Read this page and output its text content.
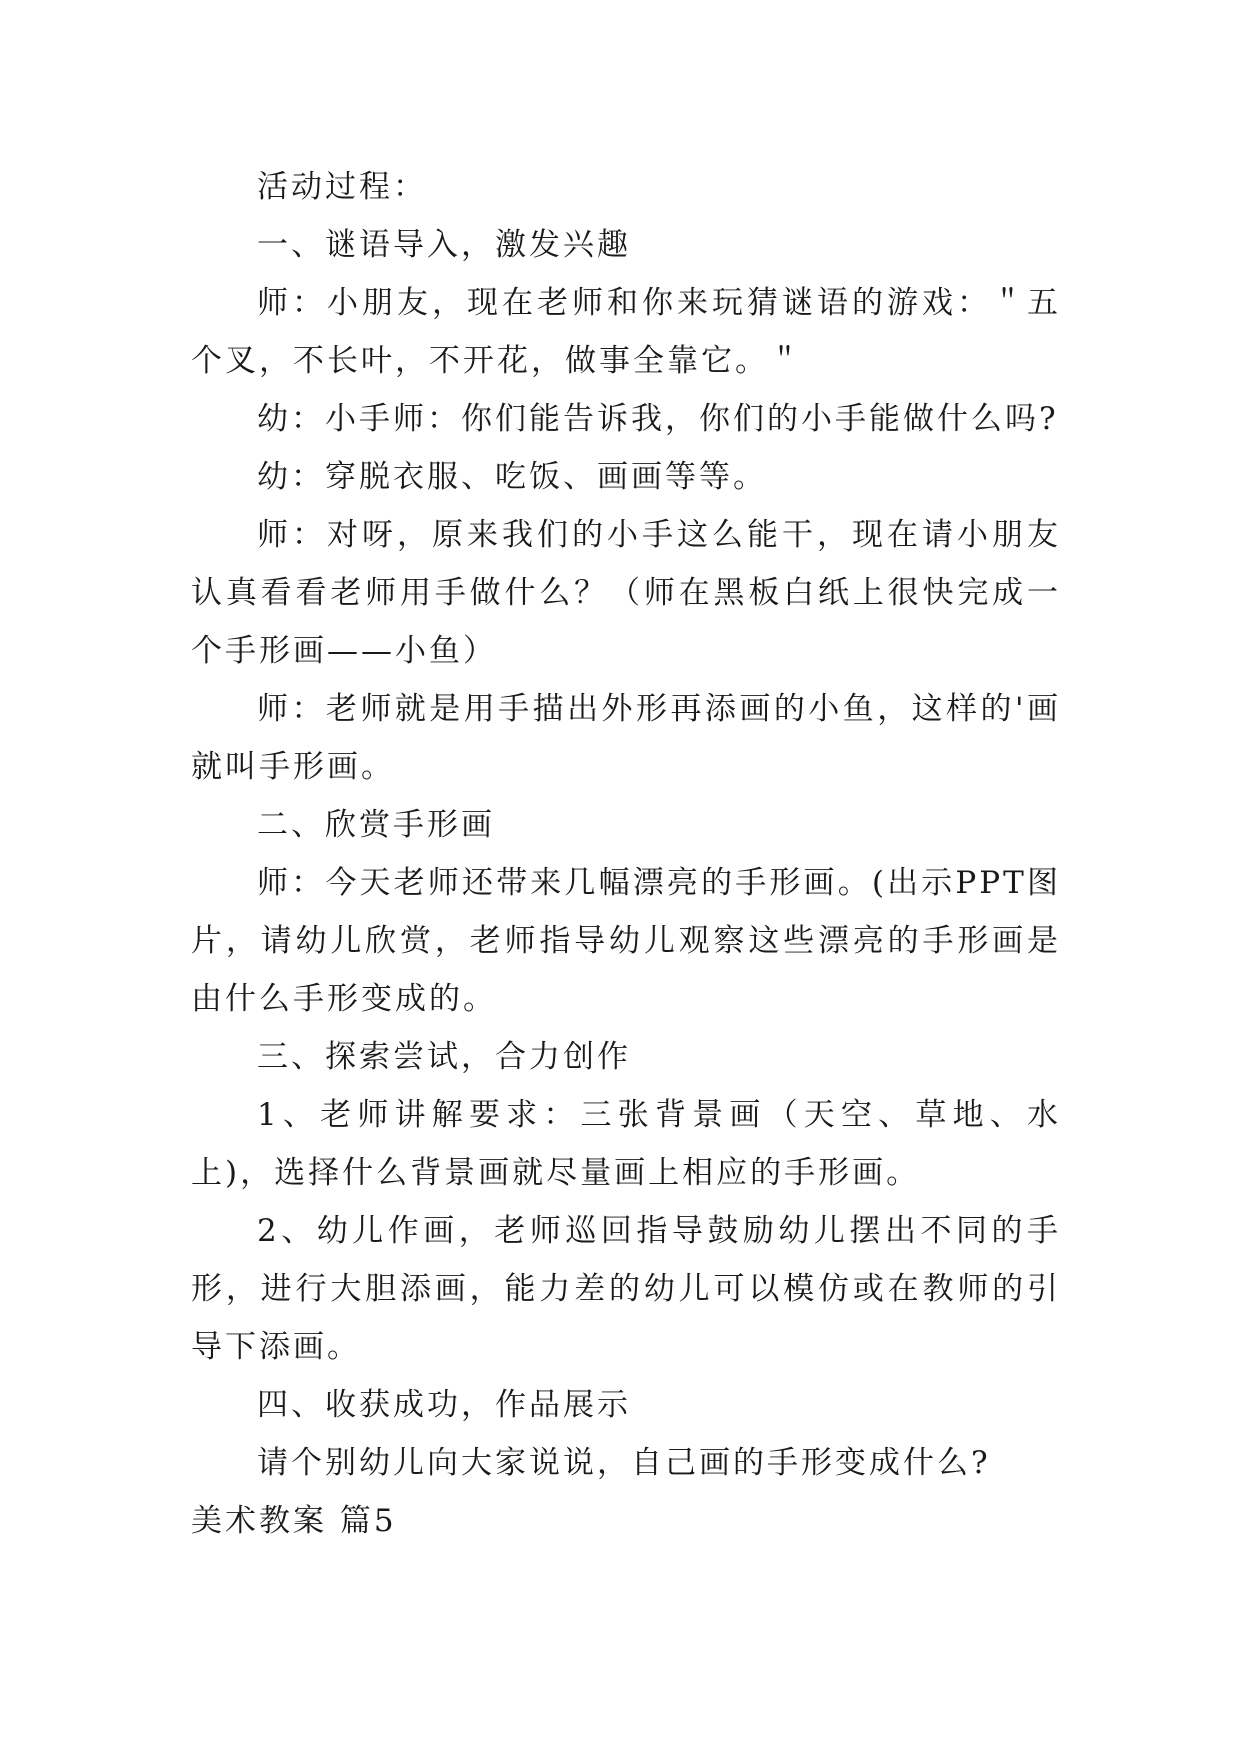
活动过程：

一、谜语导入，激发兴趣

师：小朋友，现在老师和你来玩猜谜语的游戏：＂五个叉，不长叶，不开花，做事全靠它。＂

幼：小手师：你们能告诉我，你们的小手能做什么吗?

幼：穿脱衣服、吃饭、画画等等。

师：对呀，原来我们的小手这么能干，现在请小朋友认真看看老师用手做什么？（师在黑板白纸上很快完成一个手形画——小鱼）

师：老师就是用手描出外形再添画的小鱼，这样的'画就叫手形画。

二、欣赏手形画

师：今天老师还带来几幅漂亮的手形画。(出示PPT图片，请幼儿欣赏，老师指导幼儿观察这些漂亮的手形画是由什么手形变成的。

三、探索尝试，合力创作

1、老师讲解要求：三张背景画（天空、草地、水上)，选择什么背景画就尽量画上相应的手形画。

2、幼儿作画，老师巡回指导鼓励幼儿摆出不同的手形，进行大胆添画，能力差的幼儿可以模仿或在教师的引导下添画。

四、收获成功，作品展示

请个别幼儿向大家说说，自己画的手形变成什么?

美术教案 篇5
